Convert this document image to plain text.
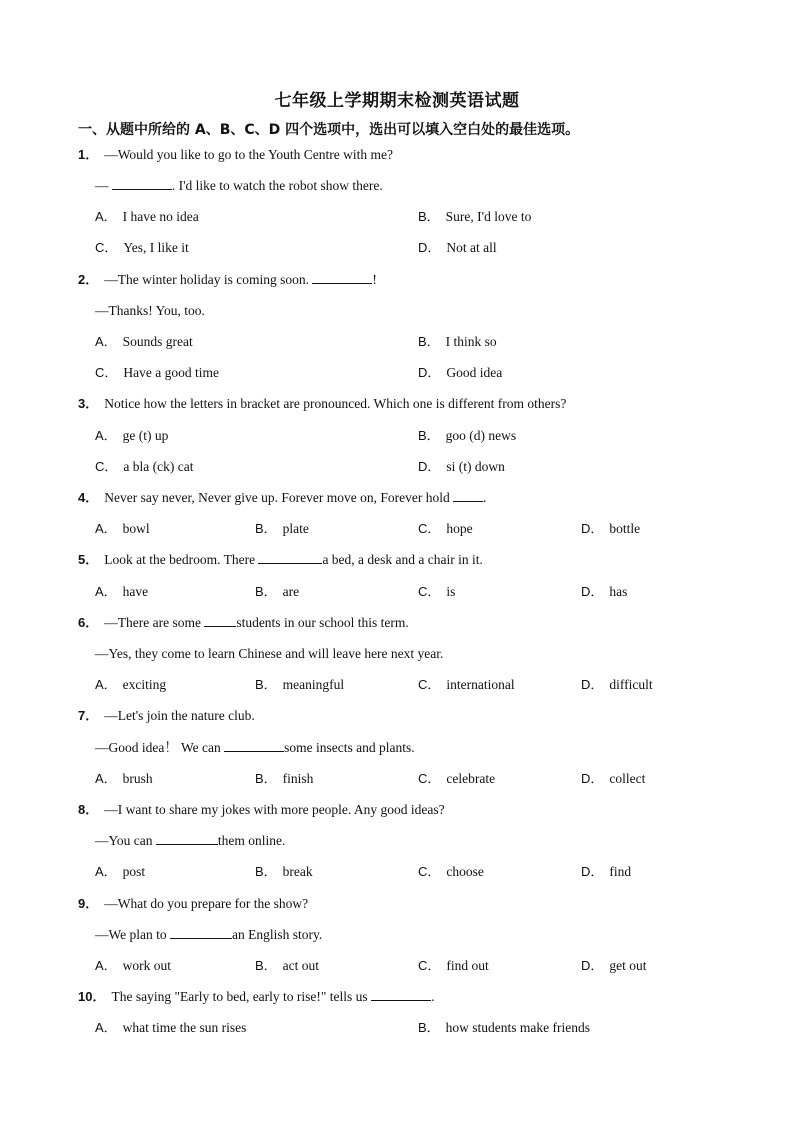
七年级上学期期末检测英语试题
一、从题中所给的 A、B、C、D 四个选项中，选出可以填入空白处的最佳选项。
1． —Would you like to go to the Youth Centre with me?
—	. I'd like to watch the robot show there.
A． I have no idea	B． Sure, I'd love to
C． Yes, I like it	D． Not at all
2． —The winter holiday is coming soon.	!
—Thanks! You, too.
A． Sounds great	B． I think so
C． Have a good time	D． Good idea
3． Notice how the letters in bracket are pronounced. Which one is different from others?
A． ge (t) up	B． goo (d) news
C． a bla (ck) cat	D． si (t) down
4． Never say never, Never give up. Forever move on, Forever hold .
A． bowl	B． plate	C． hope	D． bottle
5． Look at the bedroom. There	a bed, a desk and a chair in it.
A． have	B． are	C． is	D． has
6． —There are some students in our school this term.
—Yes, they come to learn Chinese and will leave here next year.
A． exciting	B． meaningful	C． international	D． difficult
7． —Let's join the nature club.
—Good idea！ We can	some insects and plants.
A． brush	B． finish	C． celebrate	D． collect
8． —I want to share my jokes with more people. Any good ideas?
—You can	them online.
A． post	B． break	C． choose	D． find
9． —What do you prepare for the show?
—We plan to	an English story.
A． work out	B． act out	C． find out	D． get out
10． The saying "Early to bed, early to rise!" tells us	.
A． what time the sun rises	B． how students make friends
